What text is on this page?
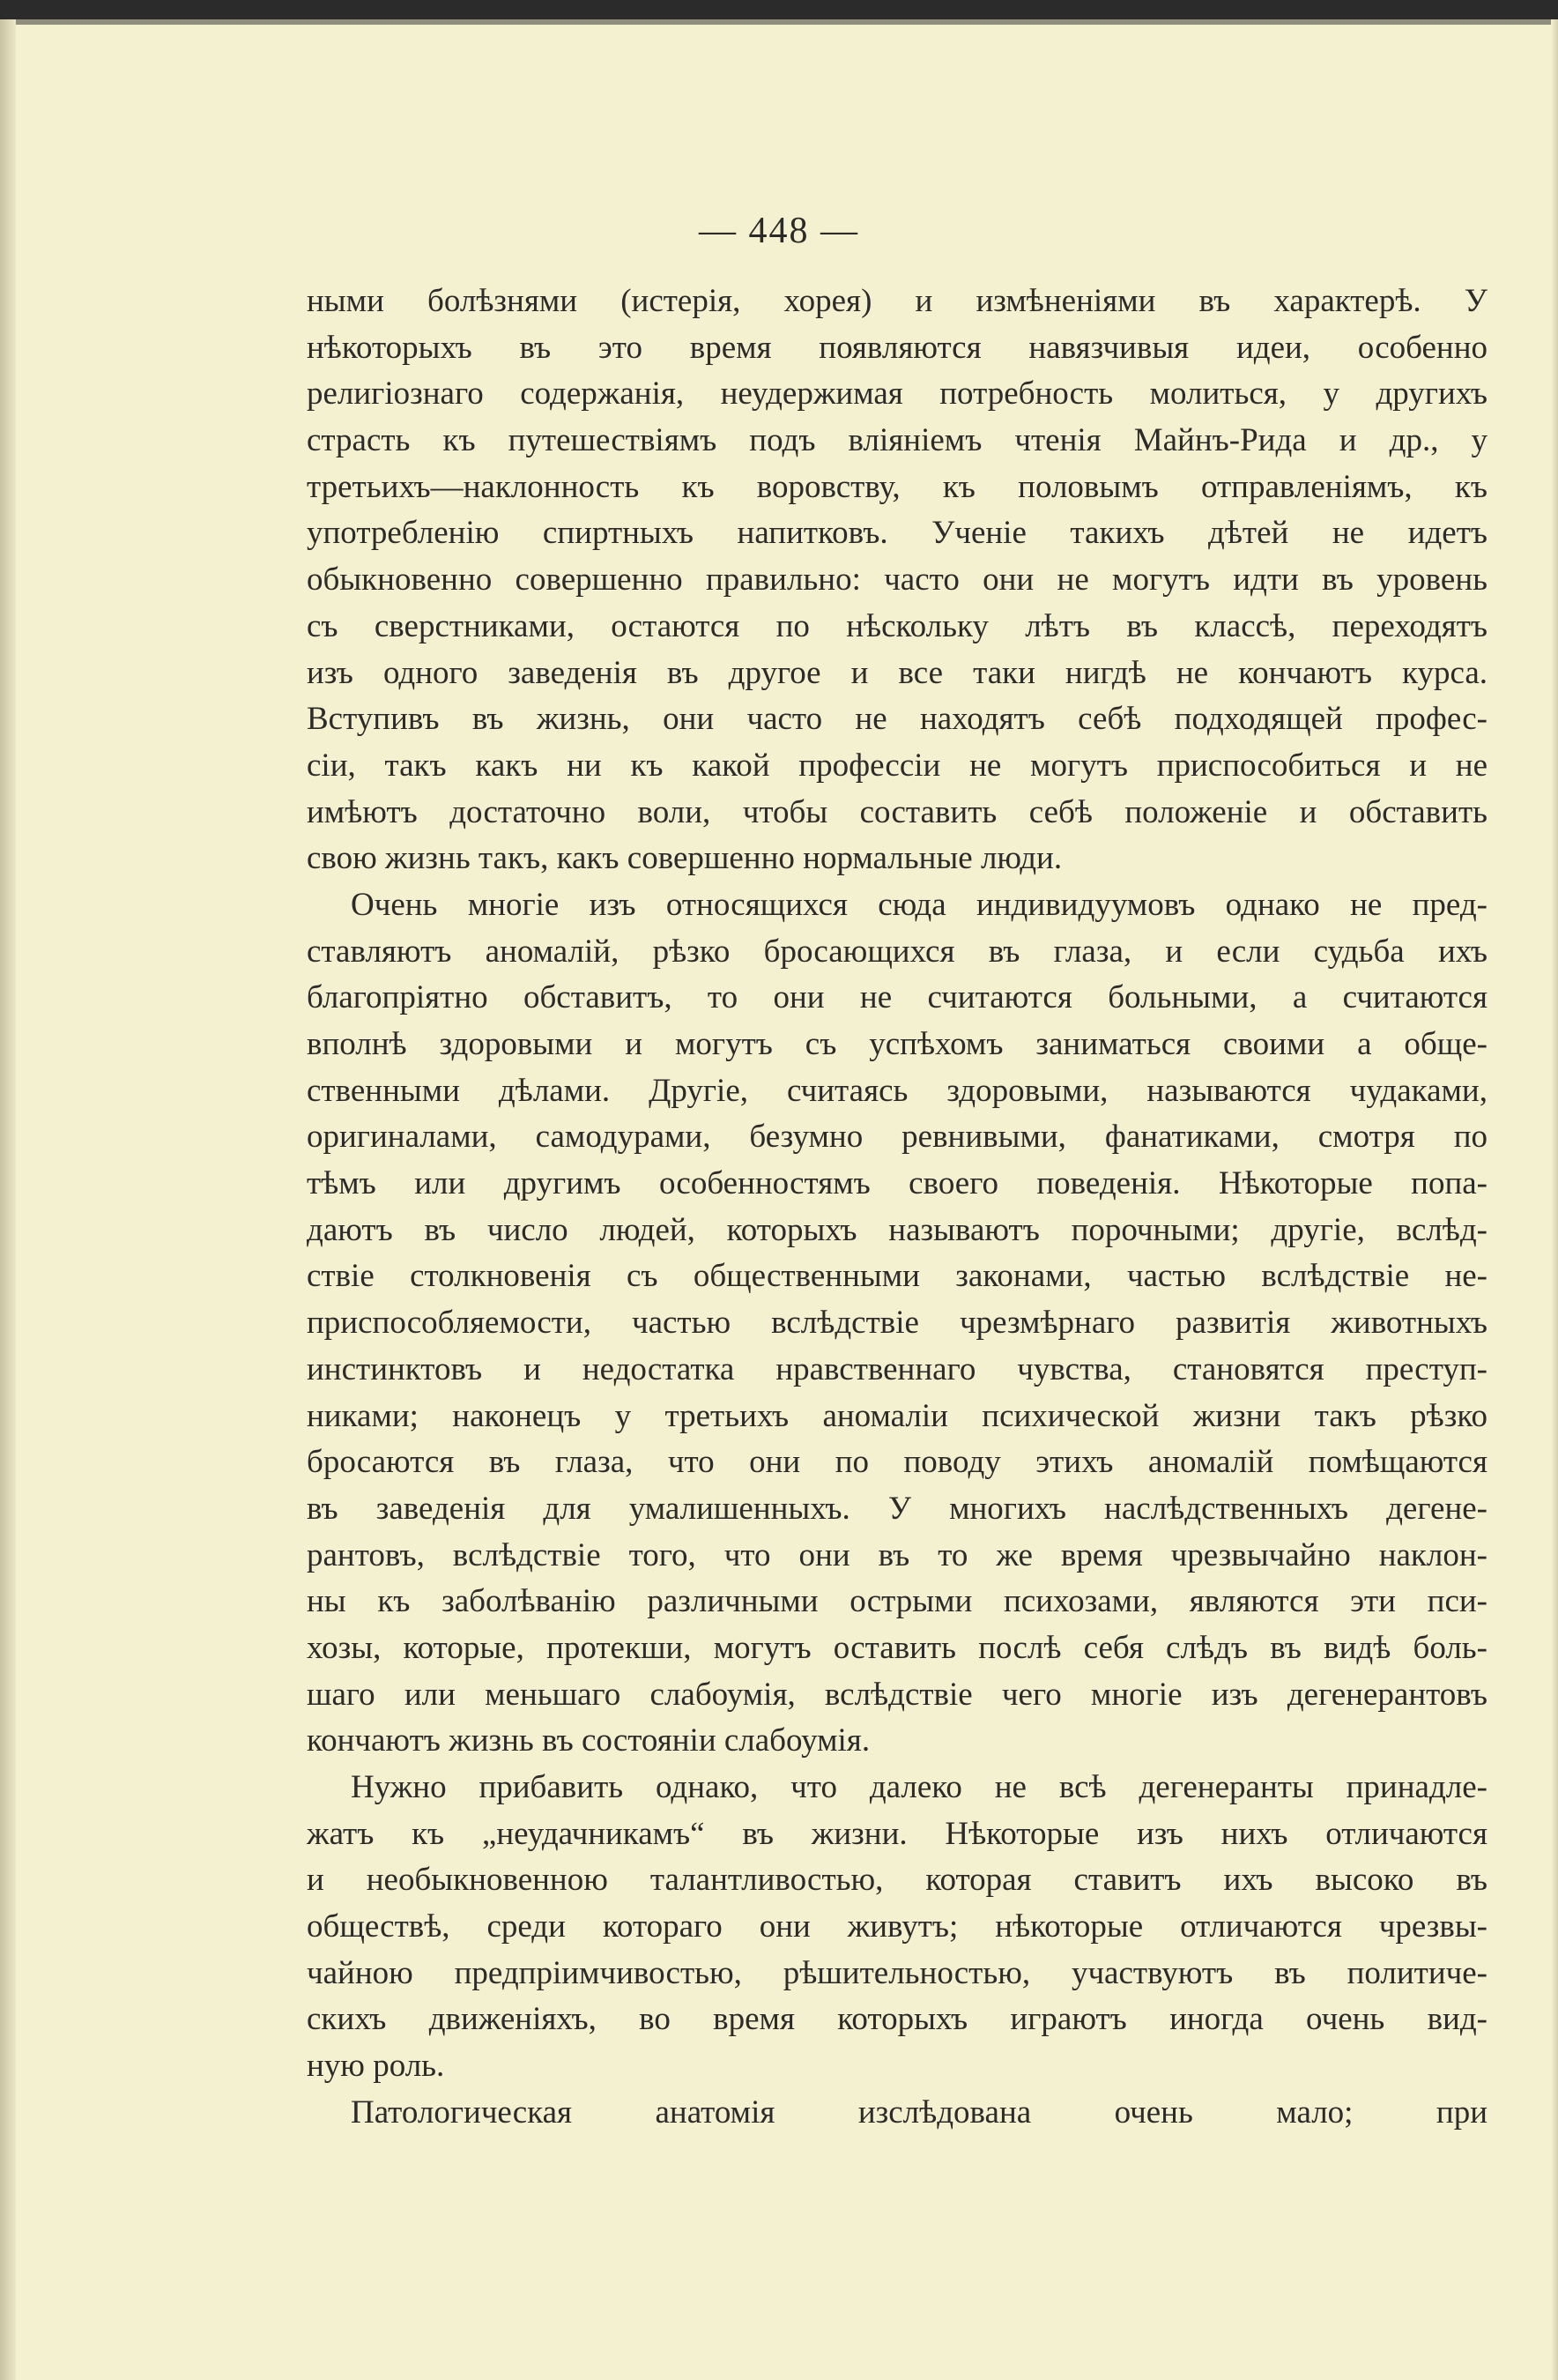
— 448 —
ными болѣзнями (истерія, хорея) и измѣненіями въ характерѣ. У
нѣкоторыхъ въ это время появляются навязчивыя идеи, особенно
религіознаго содержанія, неудержимая потребность молиться, у другихъ
страсть къ путешествіямъ подъ вліяніемъ чтенія Майнъ-Рида и др., у
третьихъ—наклонность къ воровству, къ половымъ отправленіямъ, къ
употребленію спиртныхъ напитковъ. Ученіе такихъ дѣтей не идетъ
обыкновенно совершенно правильно: часто они не могутъ идти въ уровень
съ сверстниками, остаются по нѣскольку лѣтъ въ классѣ, переходятъ
изъ одного заведенія въ другое и все таки нигдѣ не кончаютъ курса.
Вступивъ въ жизнь, они часто не находятъ себѣ подходящей профес-
сіи, такъ какъ ни къ какой профессіи не могутъ приспособиться и не
имѣютъ достаточно воли, чтобы составить себѣ положеніе и обставить
свою жизнь такъ, какъ совершенно нормальные люди.
Очень многіе изъ относящихся сюда индивидуумовъ однако не пред-
ставляютъ аномалій, рѣзко бросающихся въ глаза, и если судьба ихъ
благопріятно обставитъ, то они не считаются больными, а считаются
вполнѣ здоровыми и могутъ съ успѣхомъ заниматься своими а обще-
ственными дѣлами. Другіе, считаясь здоровыми, называются чудаками,
оригиналами, самодурами, безумно ревнивыми, фанатиками, смотря по
тѣмъ или другимъ особенностямъ своего поведенія. Нѣкоторые попа-
даютъ въ число людей, которыхъ называютъ порочными; другіе, вслѣд-
ствіе столкновенія съ общественными законами, частью вслѣдствіе не-
приспособляемости, частью вслѣдствіе чрезмѣрнаго развитія животныхъ
инстинктовъ и недостатка нравственнаго чувства, становятся преступ-
никами; наконецъ у третьихъ аномаліи психической жизни такъ рѣзко
бросаются въ глаза, что они по поводу этихъ аномалій помѣщаются
въ заведенія для умалишенныхъ. У многихъ наслѣдственныхъ дегене-
рантовъ, вслѣдствіе того, что они въ то же время чрезвычайно наклон-
ны къ заболѣванію различными острыми психозами, являются эти пси-
хозы, которые, протекши, могутъ оставить послѣ себя слѣдъ въ видѣ боль-
шаго или меньшаго слабоумія, вслѣдствіе чего многіе изъ дегенерантовъ
кончаютъ жизнь въ состояніи слабоумія.
Нужно прибавить однако, что далеко не всѣ дегенеранты принадле-
жатъ къ „неудачникамъ“ въ жизни. Нѣкоторые изъ нихъ отличаются
и необыкновенною талантливостью, которая ставитъ ихъ высоко въ
обществѣ, среди котораго они живутъ; нѣкоторые отличаются чрезвы-
чайною предпріимчивостью, рѣшительностью, участвуютъ въ политиче-
скихъ движеніяхъ, во время которыхъ играютъ иногда очень вид-
ную роль.
Патологическая анатомія изслѣдована очень мало; при
